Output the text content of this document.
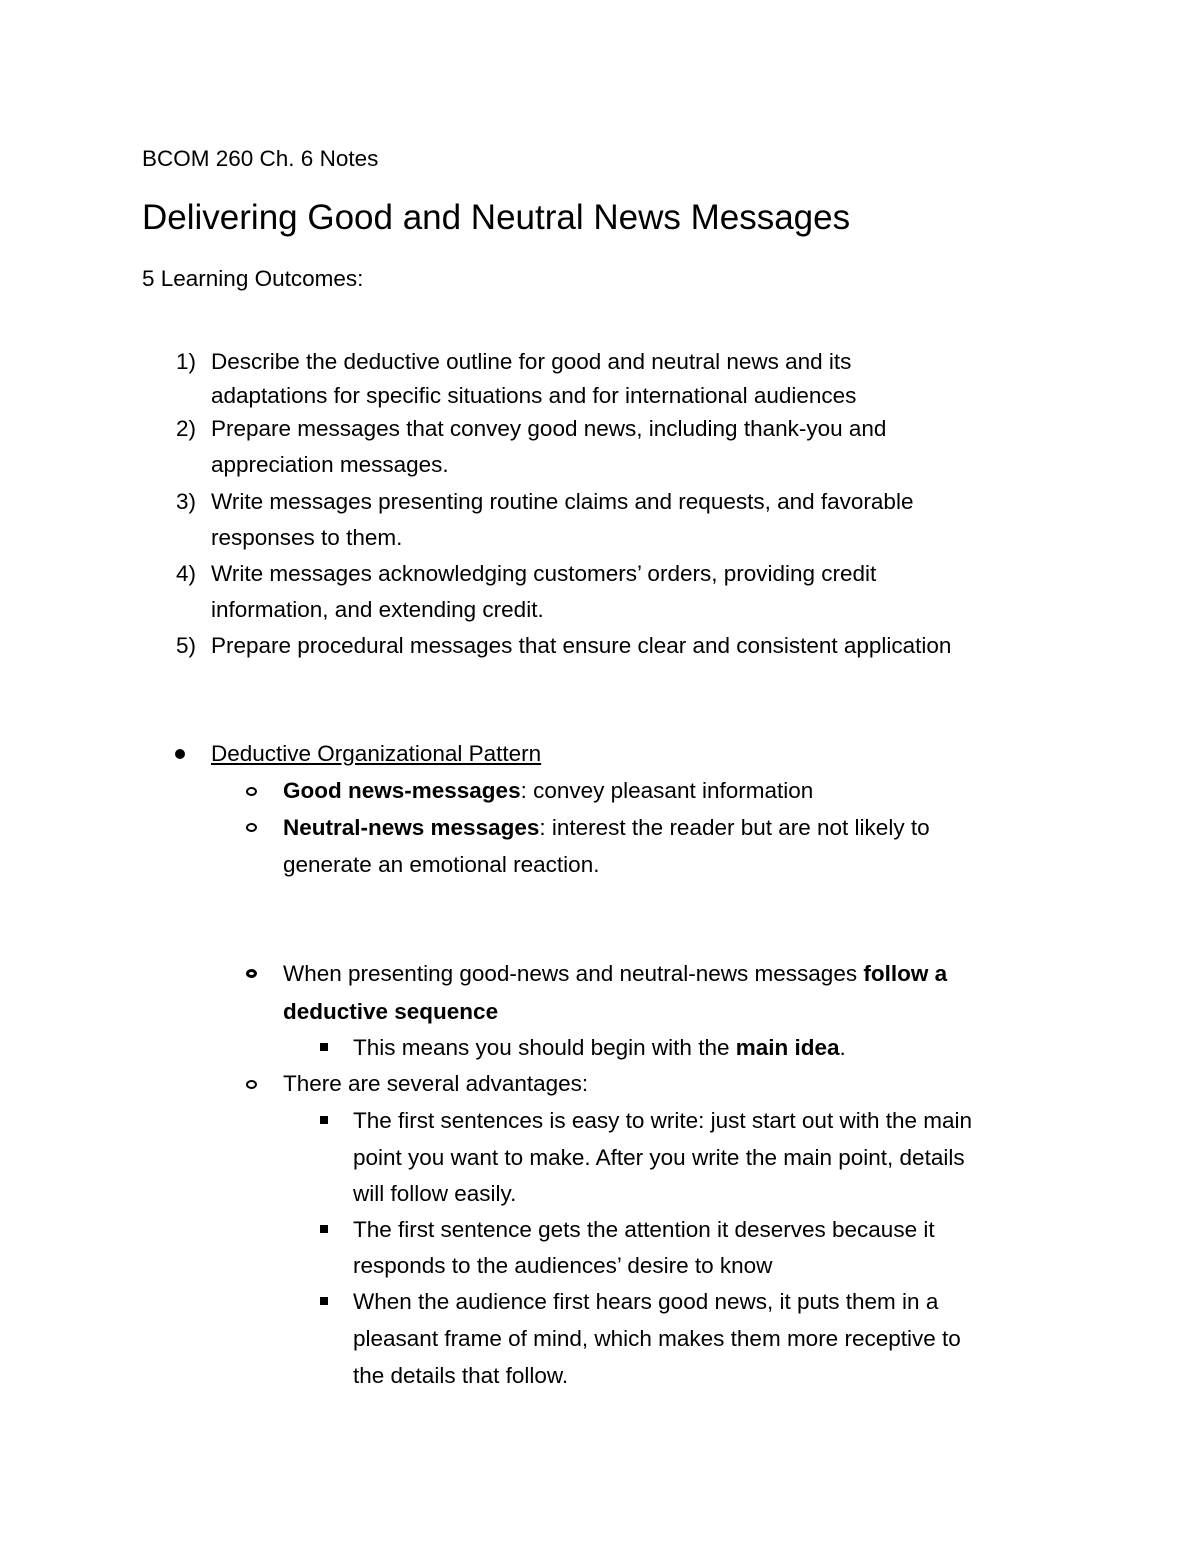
BCOM 260 Ch. 6 Notes
Delivering Good and Neutral News Messages
5 Learning Outcomes:
1) Describe the deductive outline for good and neutral news and its
adaptations for specific situations and for international audiences
2) Prepare messages that convey good news, including thank-you and
appreciation messages.
3) Write messages presenting routine claims and requests, and favorable
responses to them.
4) Write messages acknowledging customers’ orders, providing credit
information, and extending credit.
5) Prepare procedural messages that ensure clear and consistent application
Deductive Organizational Pattern
Good news-messages: convey pleasant information
Neutral-news messages: interest the reader but are not likely to
generate an emotional reaction.
When presenting good-news and neutral-news messages follow a
deductive sequence
This means you should begin with the main idea.
There are several advantages:
The first sentences is easy to write: just start out with the main
point you want to make. After you write the main point, details
will follow easily.
The first sentence gets the attention it deserves because it
responds to the audiences’ desire to know
When the audience first hears good news, it puts them in a
pleasant frame of mind, which makes them more receptive to
the details that follow.
